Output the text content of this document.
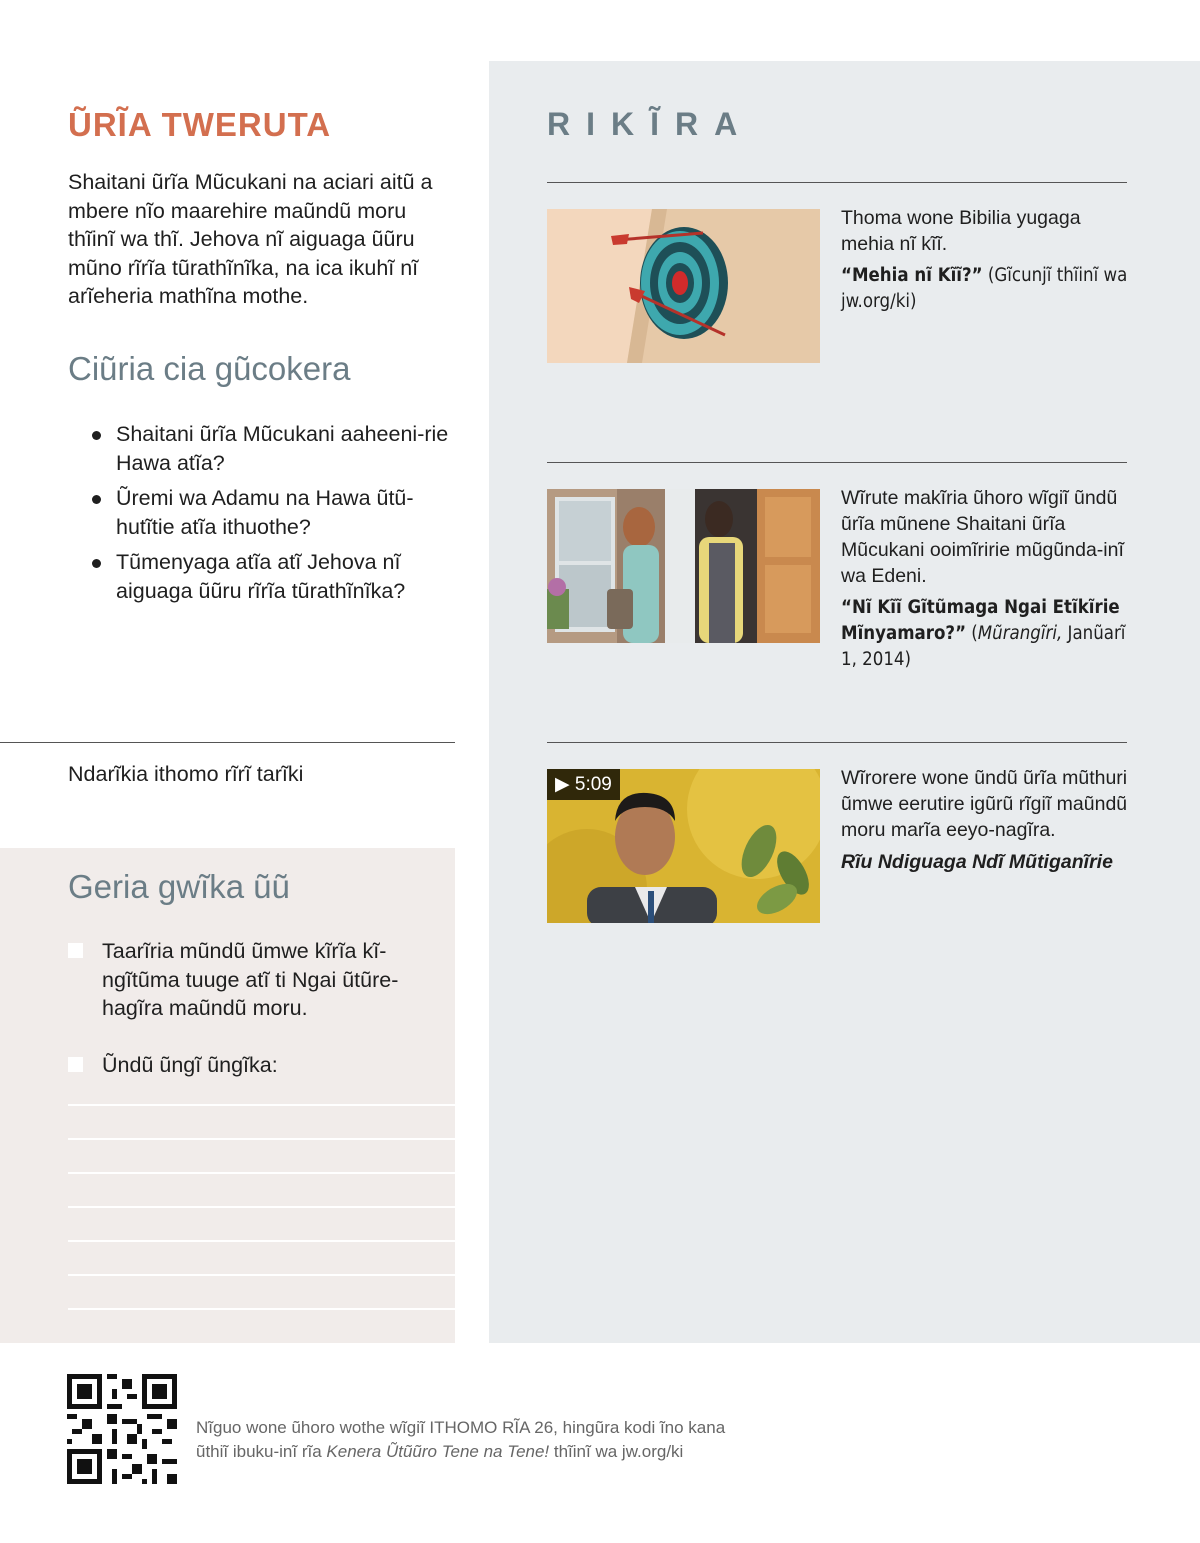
ŨRĨA TWERUTA

Shaitani ũrĩa Mũcukani na aciari aitũ a mbere nĩo maarehire maũndũ moru thĩinĩ wa thĩ. Jehova nĩ aiguaga ũũru mũno rĩrĩa tũrathĩnĩka, na ica ikuhĩ nĩ arĩeheria mathĩna mothe.

Ciũria cia gũcokera
Shaitani ũrĩa Mũcukani aaheeni-rie Hawa atĩa?
Ũremi wa Adamu na Hawa ũtũ-hutĩtie atĩa ithuothe?
Tũmenyaga atĩa atĩ Jehova nĩ aiguaga ũũru rĩrĩa tũrathĩnĩka?

Ndarĩkia ithomo rĩrĩ tarĩki

Geria gwĩka ũũ
Taarĩria mũndũ ũmwe kĩrĩa kĩ-ngĩtũma tuuge atĩ ti Ngai ũtũre-hagĩra maũndũ moru.
Ũndũ ũngĩ ũngĩka:
RIKĨRA
Thoma wone Bibilia yugaga mehia nĩ kĩĩ.
“Mehia nĩ Kĩĩ?” (Gĩcunjĩ thĩinĩ wa jw.org/ki)
Wĩrute makĩria ũhoro wĩgiĩ ũndũ ũrĩa mũnene Shaitani ũrĩa Mũcukani ooimĩririe mũgũnda-inĩ wa Edeni.
“Nĩ Kĩĩ Gĩtũmaga Ngai Etĩkĩrie Mĩnyamaro?” (Mũrangĩri, Janũarĩ 1, 2014)
▶ 5:09	Wĩrorere wone ũndũ ũrĩa mũthuri ũmwe eerutire igũrũ rĩgiĩ maũndũ moru marĩa eeyo-nagĩra.
Rĩu Ndiguaga Ndĩ Mũtiganĩrie

Nĩguo wone ũhoro wothe wĩgiĩ ITHOMO RĨA 26, hingũra kodi ĩno kana ũthiĩ ibuku-inĩ rĩa Kenera Ũtũũro Tene na Tene! thĩinĩ wa jw.org/ki
